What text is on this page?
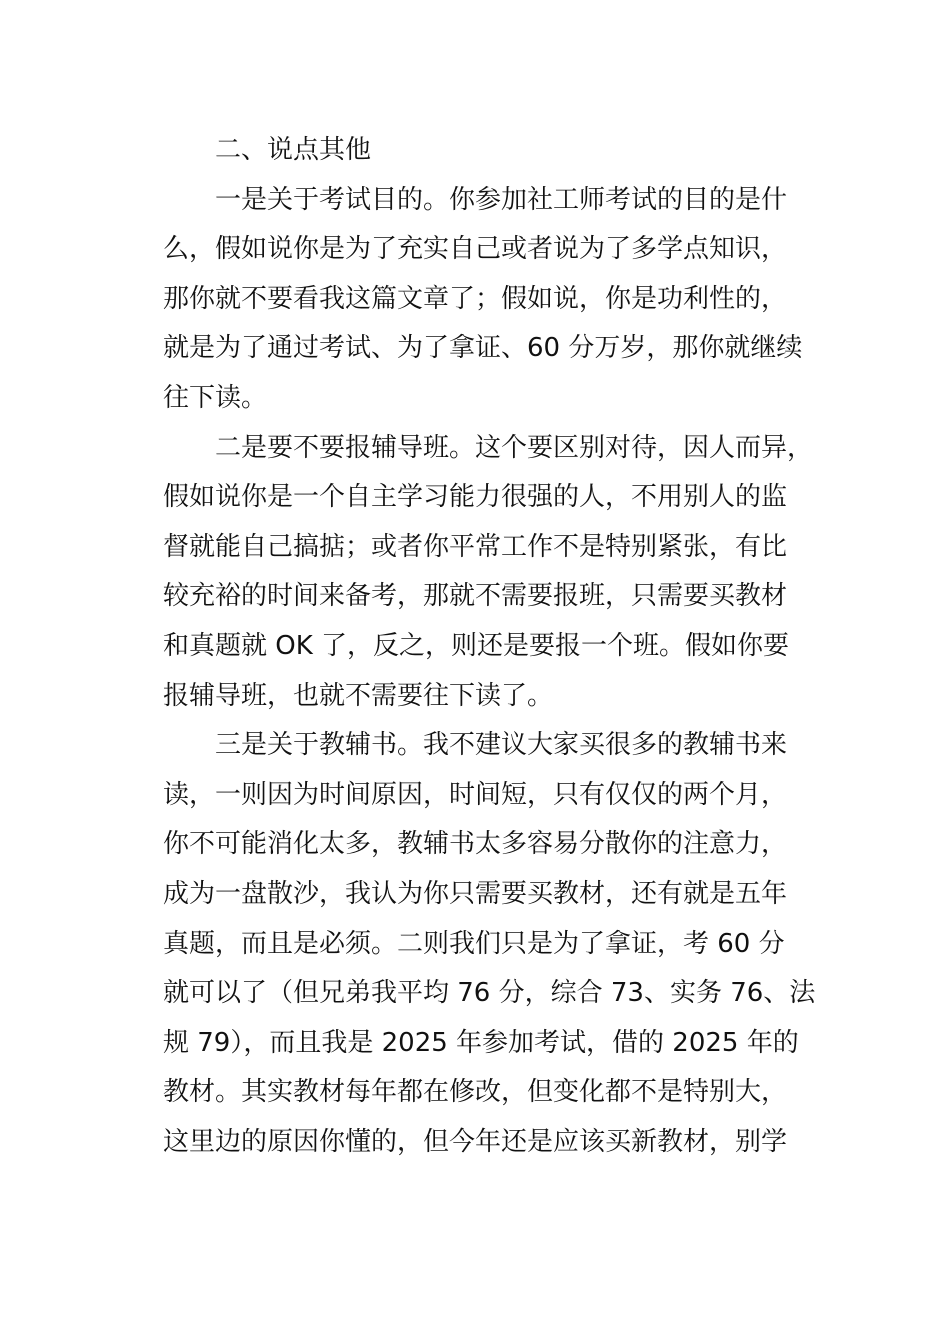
二、说点其他
一是关于考试目的。你参加社工师考试的目的是什
么，假如说你是为了充实自己或者说为了多学点知识，
那你就不要看我这篇文章了；假如说，你是功利性的，
就是为了通过考试、为了拿证、60 分万岁，那你就继续
往下读。
二是要不要报辅导班。这个要区别对待，因人而异，
假如说你是一个自主学习能力很强的人，不用别人的监
督就能自己搞掂；或者你平常工作不是特别紧张，有比
较充裕的时间来备考，那就不需要报班，只需要买教材
和真题就 OK 了，反之，则还是要报一个班。假如你要
报辅导班，也就不需要往下读了。
三是关于教辅书。我不建议大家买很多的教辅书来
读，一则因为时间原因，时间短，只有仅仅的两个月，
你不可能消化太多，教辅书太多容易分散你的注意力，
成为一盘散沙，我认为你只需要买教材，还有就是五年
真题，而且是必须。二则我们只是为了拿证，考 60 分
就可以了（但兄弟我平均 76 分，综合 73、实务 76、法
规 79），而且我是 2025 年参加考试，借的 2025 年的
教材。其实教材每年都在修改，但变化都不是特别大，
这里边的原因你懂的，但今年还是应该买新教材，别学
